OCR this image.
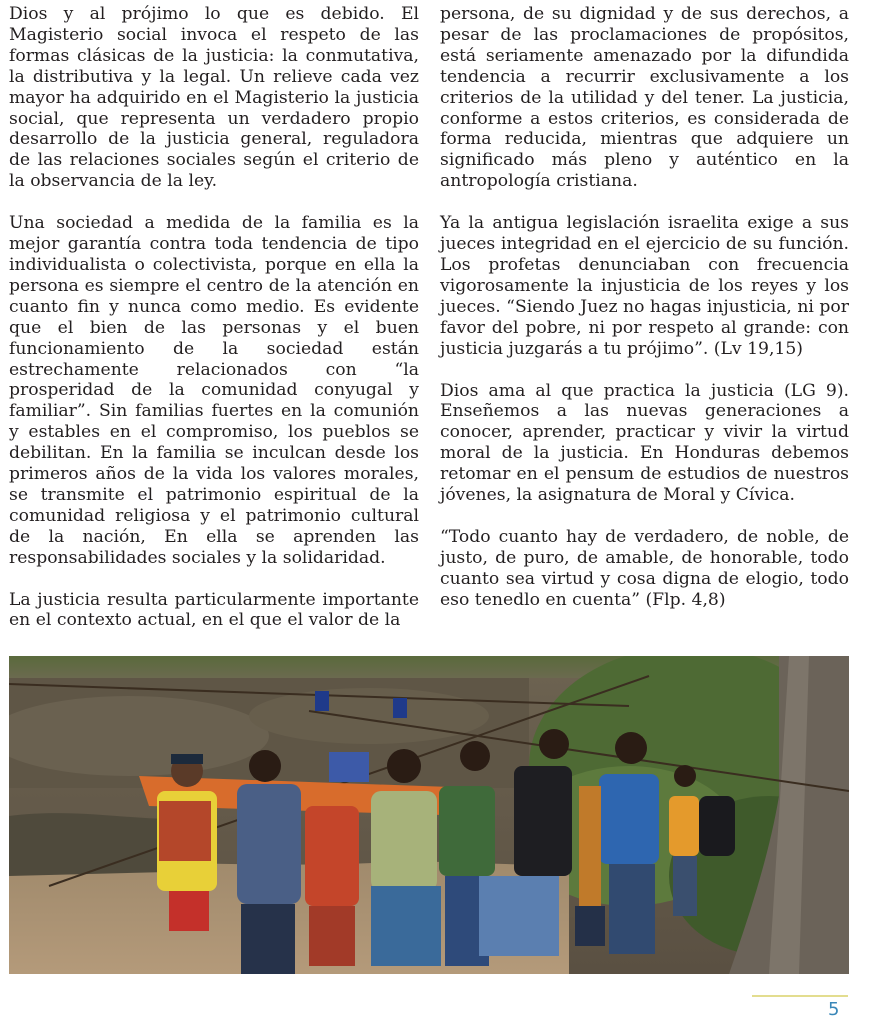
Dios y al prójimo lo que es debido. El Magisterio social invoca el respeto de las formas clásicas de la justicia: la conmutativa, la distributiva y la legal. Un relieve cada vez mayor ha adquirido en el Magisterio la justicia social, que representa un verdadero propio desarrollo de la justicia general, reguladora de las relaciones sociales según el criterio de la observancia de la ley.

Una sociedad a medida de la familia es la mejor garantía contra toda tendencia de tipo individualista o colectivista, porque en ella la persona es siempre el centro de la atención en cuanto fin y nunca como medio. Es evidente que el bien de las personas y el buen funcionamiento de la sociedad están estrechamente relacionados con “la prosperidad de la comunidad conyugal y familiar”. Sin familias fuertes en la comunión y estables en el compromiso, los pueblos se debilitan. En la familia se inculcan desde los primeros años de la vida los valores morales, se transmite el patrimonio espiritual de la comunidad religiosa y el patrimonio cultural de la nación, En ella se aprenden las responsabilidades sociales y la solidaridad.

La justicia resulta particularmente importante en el contexto actual, en el que el valor de la

persona, de su dignidad y de sus derechos, a pesar de las proclamaciones de propósitos, está seriamente amenazado por la difundida tendencia a recurrir exclusivamente a los criterios de la utilidad y del tener. La justicia, conforme a estos criterios, es considerada de forma reducida, mientras que adquiere un significado más pleno y auténtico en la antropología cristiana.

Ya la antigua legislación israelita exige a sus jueces integridad en el ejercicio de su función. Los profetas denunciaban con frecuencia vigorosamente la injusticia de los reyes y los jueces. “Siendo Juez no hagas injusticia, ni por favor del pobre, ni por respeto al grande: con justicia juzgarás a tu prójimo”. (Lv 19,15)

Dios ama al que practica la justicia (LG 9). Enseñemos a las nuevas generaciones a conocer, aprender, practicar y vivir la virtud moral de la justicia. En Honduras debemos retomar en el pensum de estudios de nuestros jóvenes, la asignatura de Moral y Cívica.

“Todo cuanto hay de verdadero, de noble, de justo, de puro, de amable, de honorable, todo cuanto sea virtud y cosa digna de elogio, todo eso tenedlo en cuenta” (Flp. 4,8)

5
